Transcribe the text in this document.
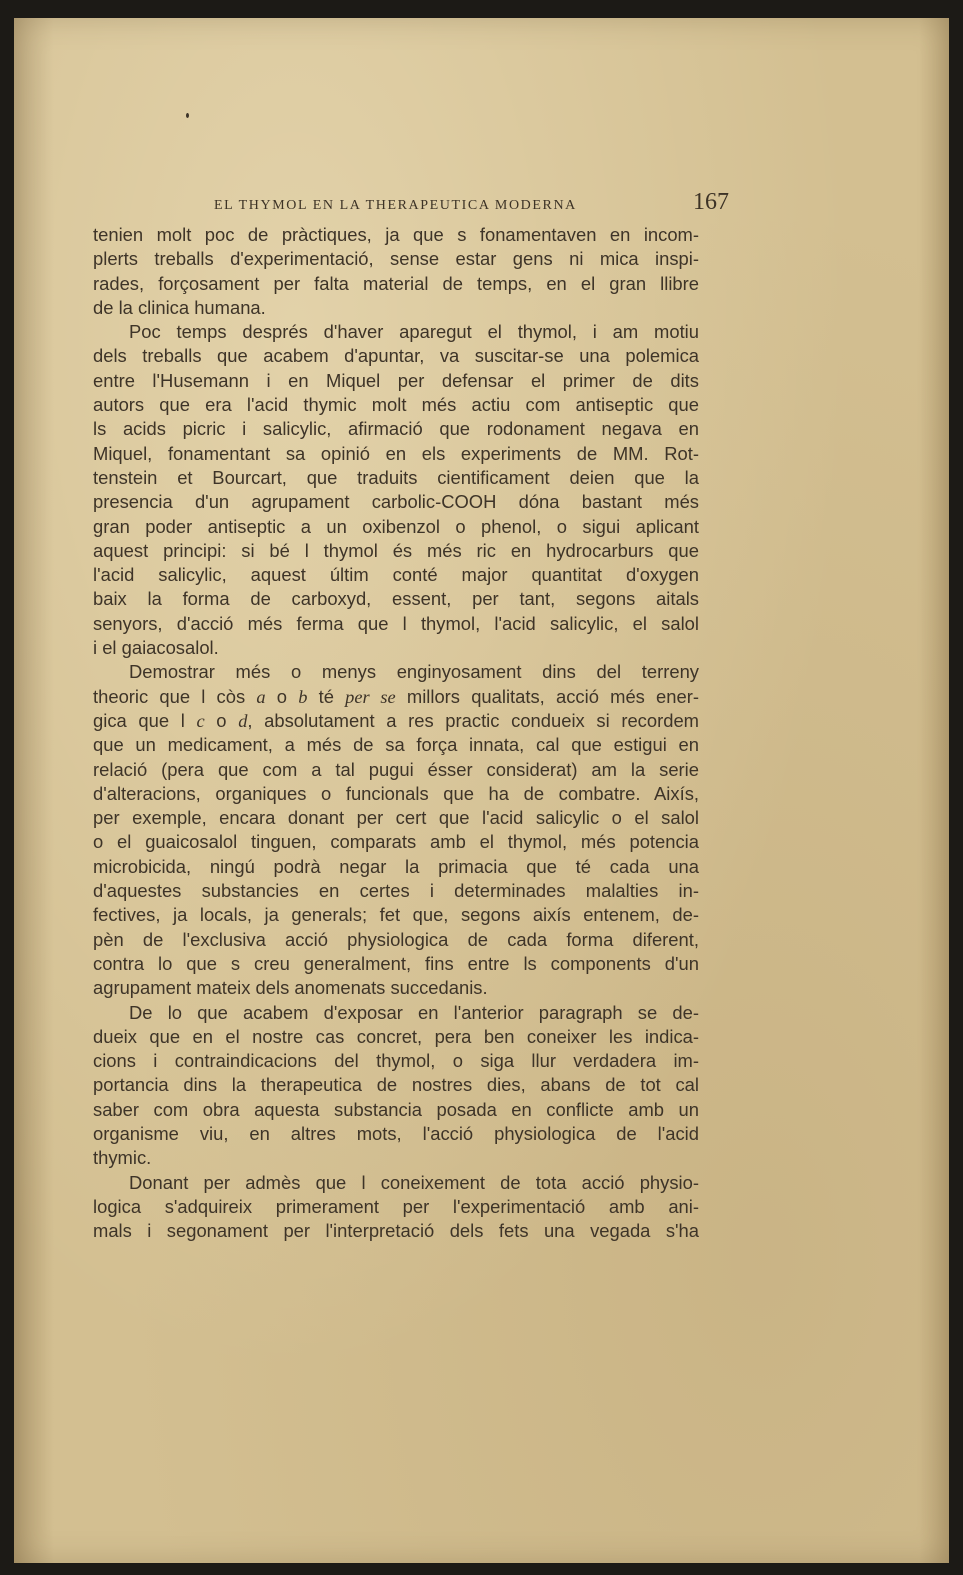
EL THYMOL EN LA THERAPEUTICA MODERNA	167
tenien molt poc de pràctiques, ja que s fonamentaven en incom-
plerts treballs d'experimentació, sense estar gens ni mica inspi-
rades, forçosament per falta material de temps, en el gran llibre
de la clinica humana.
Poc temps després d'haver aparegut el thymol, i am motiu
dels treballs que acabem d'apuntar, va suscitar-se una polemica
entre l'Husemann i en Miquel per defensar el primer de dits
autors que era l'acid thymic molt més actiu com antiseptic que
ls acids picric i salicylic, afirmació que rodonament negava en
Miquel, fonamentant sa opinió en els experiments de MM. Rot-
tenstein et Bourcart, que traduits cientificament deien que la
presencia d'un agrupament carbolic-COOH dóna bastant més
gran poder antiseptic a un oxibenzol o phenol, o sigui aplicant
aquest principi: si bé l thymol és més ric en hydrocarburs que
l'acid salicylic, aquest últim conté major quantitat d'oxygen
baix la forma de carboxyd, essent, per tant, segons aitals
senyors, d'acció més ferma que l thymol, l'acid salicylic, el salol
i el gaiacosalol.
Demostrar més o menys enginyosament dins del terreny
theoric que l còs a o b té per se millors qualitats, acció més ener-
gica que l c o d, absolutament a res practic condueix si recordem
que un medicament, a més de sa força innata, cal que estigui en
relació (pera que com a tal pugui ésser considerat) am la serie
d'alteracions, organiques o funcionals que ha de combatre. Aixís,
per exemple, encara donant per cert que l'acid salicylic o el salol
o el guaicosalol tinguen, comparats amb el thymol, més potencia
microbicida, ningú podrà negar la primacia que té cada una
d'aquestes substancies en certes i determinades malalties in-
fectives, ja locals, ja generals; fet que, segons aixís entenem, de-
pèn de l'exclusiva acció physiologica de cada forma diferent,
contra lo que s creu generalment, fins entre ls components d'un
agrupament mateix dels anomenats succedanis.
De lo que acabem d'exposar en l'anterior paragraph se de-
dueix que en el nostre cas concret, pera ben coneixer les indica-
cions i contraindicacions del thymol, o siga llur verdadera im-
portancia dins la therapeutica de nostres dies, abans de tot cal
saber com obra aquesta substancia posada en conflicte amb un
organisme viu, en altres mots, l'acció physiologica de l'acid
thymic.
Donant per admès que l coneixement de tota acció physio-
logica s'adquireix primerament per l'experimentació amb ani-
mals i segonament per l'interpretació dels fets una vegada s'ha
